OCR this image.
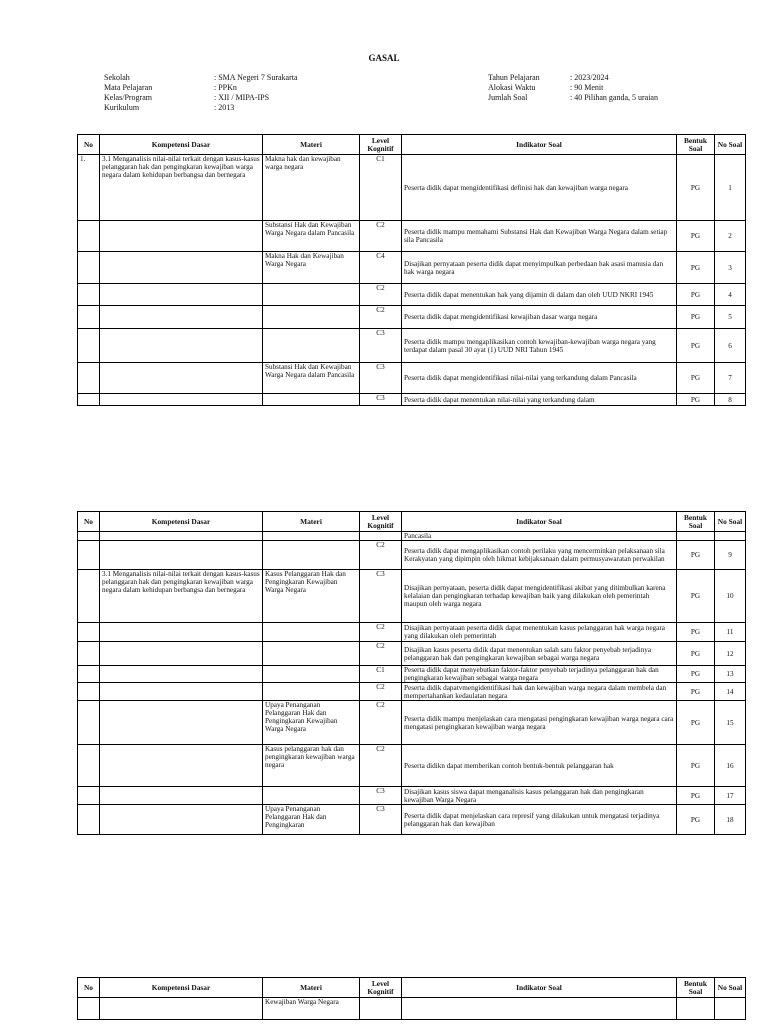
GASAL
Sekolah	: SMA Negeri 7 Surakarta
Mata Pelajaran	: PPKn
Kelas/Program	: XII / MIPA-IPS
Kurikulum	: 2013
Tahun Pelajaran	: 2023/2024
Alokasi Waktu	: 90 Menit
Jumlah Soal	: 40 Pilihan ganda, 5 uraian
No	Kompetensi Dasar	Materi	Level Kognitif	Indikator Soal	Bentuk Soal	No Soal
1.	3.1 Menganalisis nilai-nilai terkait dengan kasus-kasus pelanggaran hak dan pengingkaran kewajiban warga negara dalam kehidupan berbangsa dan bernegara	Makna hak dan kewajiban warga negara	C1	Peserta didik dapat mengidentifikasi definisi hak dan kewajiban warga negara	PG	1
		Substansi Hak dan Kewajiban Warga Negara dalam Pancasila	C2	Peserta didik mampu memahami Substansi Hak dan Kewajiban Warga Negara dalam setiap sila Pancasila	PG	2
		Makna Hak dan Kewajiban Warga Negara	C4	Disajikan pernyataan peserta didik dapat menyimpulkan perbedaan hak asasi manusia dan hak warga negara	PG	3
			C2	Peserta didik dapat menentukan hak yang dijamin di dalam dan oleh UUD NKRI 1945	PG	4
			C2	Peserta didik dapat mengidentifikasi kewajiban dasar warga negara	PG	5
			C3	Peserta didik mampu mengaplikasikan contoh kewajiban-kewajiban warga negara yang terdapat dalam pasal 30 ayat (1) UUD NRI Tahun 1945	PG	6
		Substansi Hak dan Kewajiban Warga Negara dalam Pancasila	C3	Peserta didik dapat mengidentifikasi nilai-nilai yang terkandung dalam Pancasila	PG	7
			C3	Peserta didik dapat menentukan nilai-nilai yang terkandung dalam	PG	8
No	Kompetensi Dasar	Materi	Level Kognitif	Indikator Soal	Bentuk Soal	No Soal
				Pancasila		
			C2	Peserta didik dapat mengaplikasikan contoh perilaku yang mencerminkan pelaksanaan sila Kerakyatan yang dipimpin oleh hikmat kebijaksanaan dalam permusyawaratan perwakilan	PG	9
	3.1 Menganalisis nilai-nilai terkait dengan kasus-kasus pelanggaran hak dan pengingkaran kewajiban warga negara dalam kehidupan berbangsa dan bernegara	Kasus Pelanggaran Hak dan Pengingkaran Kewajiban Warga Negara	C3	Disajikan pernyataan, peserta didik dapat mengidentifikasi akibat yang ditimbulkan karena kelalaian dan pengingkaran terhadap kewajiban baik yang dilakukan oleh pemerintah maupun oleh warga negara	PG	10
			C2	Disajikan pernyataan peserta didik dapat menentukan kasus pelanggaran hak warga negara yang dilakukan oleh pemerintah	PG	11
			C2	Disajikan kasus peserta didik dapat menentukan salah satu faktor penyebab terjadinya pelanggaran hak dan pengingkaran kewajiban sebagai warga negara	PG	12
			C1	Peserta didik dapat menyebutkan faktor-faktor penyebab terjadinya pelanggaran hak dan pengingkaran kewajiban sebagai warga negara	PG	13
			C2	Peserta didik dapatvmengidentifikasi hak dan kewajiban warga negara dalam membela dan mempertahankan kedaulatan negara	PG	14
		Upaya Penanganan Pelanggaran Hak dan Pengingkaran Kewajiban Warga Negara	C2	Peserta didik mampu menjelaskan cara mengatasi pengingkaran kewajiban warga negara cara mengatasi pengingkaran kewajiban warga negara	PG	15
		Kasus pelanggaran hak dan pengingkaran kewajiban warga negara	C2	Peserta didikn dapat memberikan contoh bentuk-bentuk pelanggaran hak	PG	16
			C3	Disajikan kasus siswa dapat menganalisis kasus pelanggaran hak dan pengingkaran kewajiban Warga Negara	PG	17
		Upaya Penanganan Pelanggaran Hak dan Pengingkaran	C3	Peserta didik dapat menjelaskan cara represif yang dilakukan untuk mengatasi terjadinya pelanggaran hak dan kewajiban	PG	18
No	Kompetensi Dasar	Materi	Level Kognitif	Indikator Soal	Bentuk Soal	No Soal
		Kewajiban Warga Negara				
